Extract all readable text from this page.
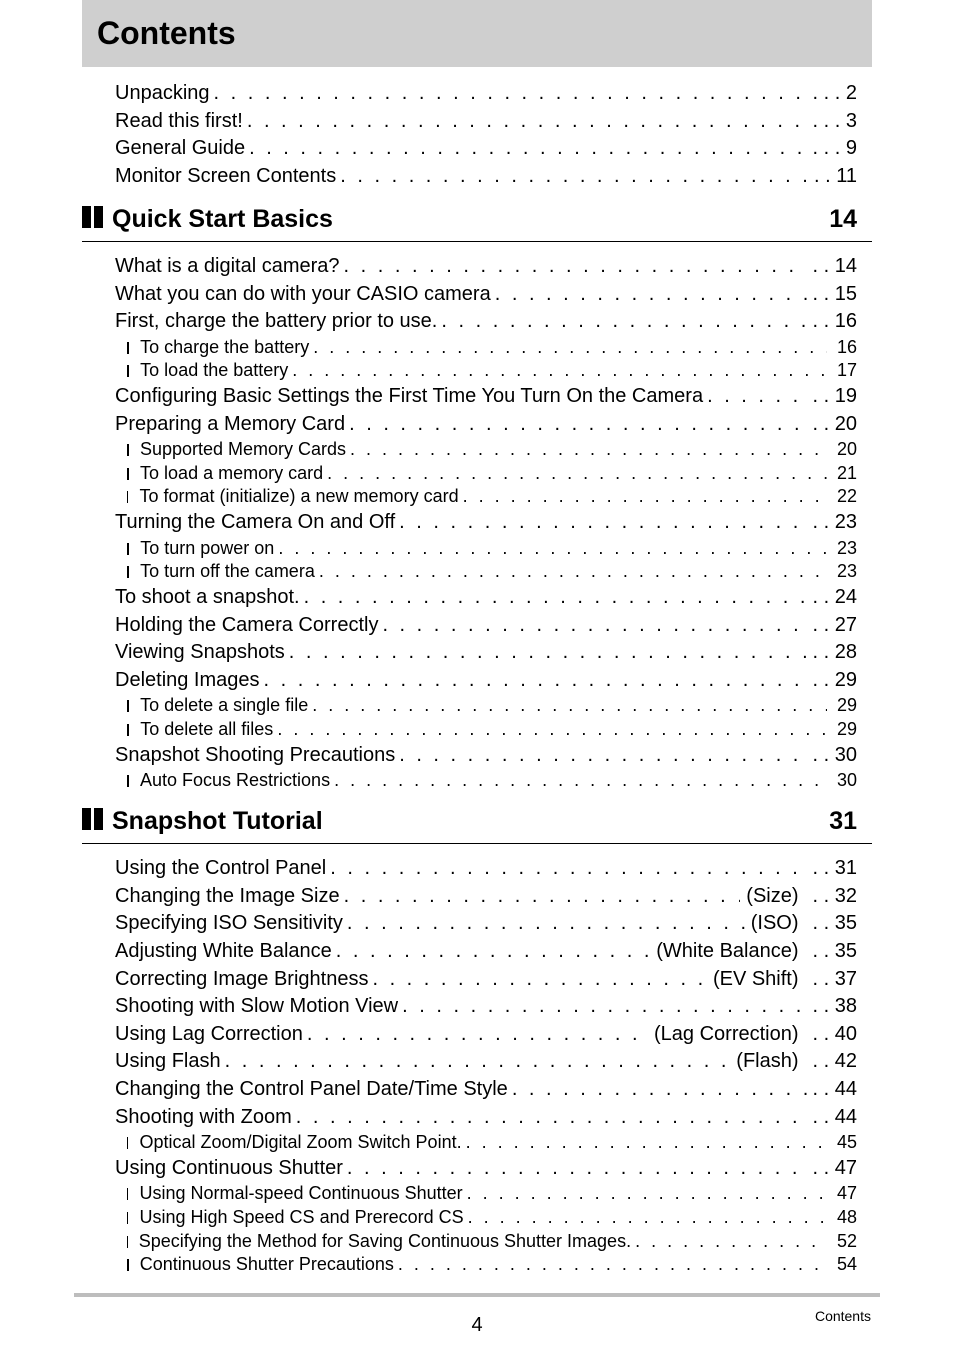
Contents
Unpacking . . .	. . . 2
Read this first! . . .	. . . 3
General Guide . . .	. . . 9
Monitor Screen Contents . . .	. . 11
Quick Start Basics	14
What is a digital camera? . . .	. . 14
What you can do with your CASIO camera . . .	. . 15
First, charge the battery prior to use. . . .	. . 16
To charge the battery . . .	16
To load the battery . . .	17
Configuring Basic Settings the First Time You Turn On the Camera . . .	. . 19
Preparing a Memory Card . . .	. . 20
Supported Memory Cards . . .	20
To load a memory card . . .	21
To format (initialize) a new memory card . . .	22
Turning the Camera On and Off . . .	. . 23
To turn power on . . .	23
To turn off the camera . . .	23
To shoot a snapshot. . . .	. . 24
Holding the Camera Correctly . . .	. . 27
Viewing Snapshots . . .	. . 28
Deleting Images . . .	. . 29
To delete a single file . . .	29
To delete all files . . .	29
Snapshot Shooting Precautions . . .	. . 30
Auto Focus Restrictions . . .	30
Snapshot Tutorial	31
Using the Control Panel . . .	. . 31
Changing the Image Size . . .	(Size) . . 32
Specifying ISO Sensitivity . . .	(ISO) . . 35
Adjusting White Balance . . .	(White Balance) . . 35
Correcting Image Brightness . . .	(EV Shift) . . 37
Shooting with Slow Motion View . . .	. . 38
Using Lag Correction . . .	(Lag Correction) . . 40
Using Flash . . .	(Flash) . . 42
Changing the Control Panel Date/Time Style . . .	. . 44
Shooting with Zoom . . .	. . 44
Optical Zoom/Digital Zoom Switch Point. . . .	45
Using Continuous Shutter . . .	. . 47
Using Normal-speed Continuous Shutter . . .	47
Using High Speed CS and Prerecord CS . . .	48
Specifying the Method for Saving Continuous Shutter Images. . . .	52
Continuous Shutter Precautions . . .	54
4	Contents
